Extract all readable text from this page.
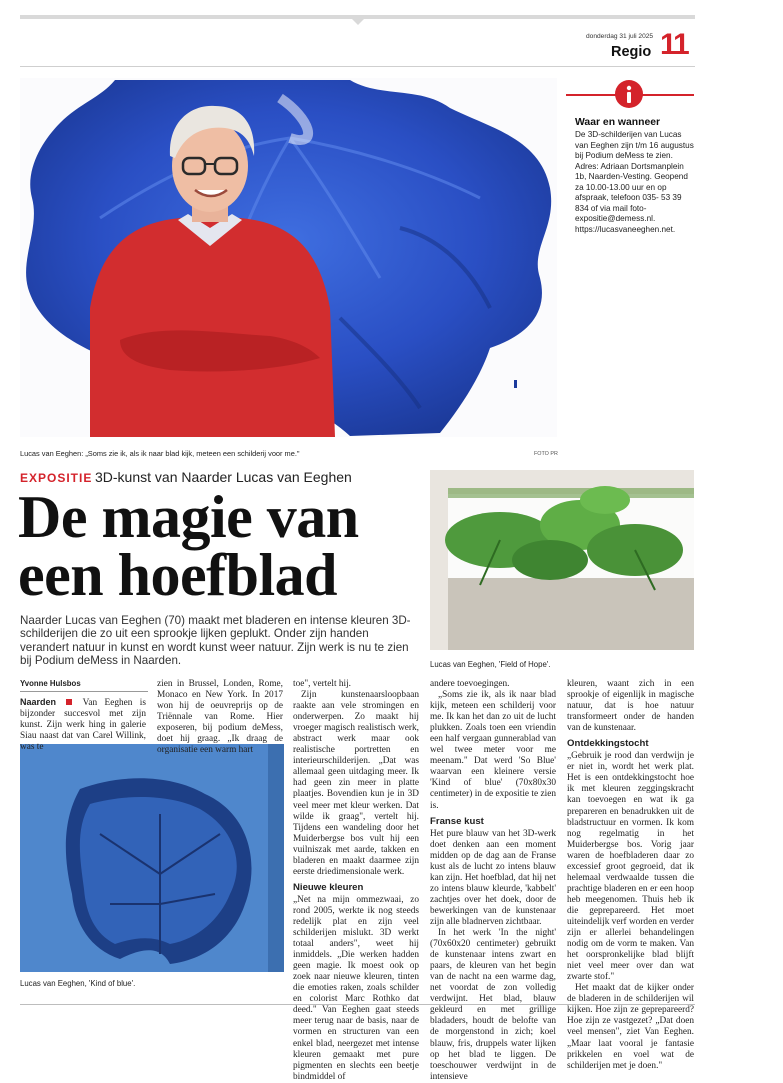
donderdag 31 juli 2025
Regio 11
Waar en wanneer
De 3D-schilderijen van Lucas van Eeghen zijn t/m 16 augustus bij Podium deMess te zien. Adres: Adriaan Dortsmanplein 1b, Naarden-Vesting. Geopend za 10.00-13.00 uur en op afspraak, telefoon 035- 53 39 834 of via mail foto-expositie@demess.nl. https://lucasvaneeghen.net.
Lucas van Eeghen: „Soms zie ik, als ik naar blad kijk, meteen een schilderij voor me."	FOTO PR
EXPOSITIE 3D-kunst van Naarder Lucas van Eeghen
De magie van
een hoefblad
Naarder Lucas van Eeghen (70) maakt met bladeren en intense kleuren 3D-schilderijen die zo uit een sprookje lijken geplukt. Onder zijn handen verandert natuur in kunst en wordt kunst weer natuur. Zijn werk is nu te zien bij Podium deMess in Naarden.	Lucas van Eeghen, 'Field of Hope'.
Lucas van Eeghen, 'Kind of blue'.
Yvonne Hulsbos
Naarden	Van Eeghen is bijzonder succesvol met zijn kunst. Zijn werk hing in galerie Siau naast dat van Carel Willink, was te
zien in Brussel, Londen, Rome, Monaco en New York. In 2017 won hij de oeuvreprijs op de Triënnale van Rome. Hier exposeren, bij podium deMess, doet hij graag. „Ik draag de organisatie een warm hart

toe", vertelt hij.

Zijn kunstenaarsloopbaan raakte aan vele stromingen en onderwerpen. Zo maakt hij vroeger magisch realistisch werk, abstract werk maar ook realistische portretten en interieurschilderijen. „Dat was allemaal geen uitdaging meer. Ik had geen zin meer in platte plaatjes. Bovendien kun je in 3D veel meer met kleur werken. Dat wilde ik graag", vertelt hij. Tijdens een wandeling door het Muiderbergse bos vult hij een vuilniszak met aarde, takken en bladeren en maakt daarmee zijn eerste driedimensionale werk.

Nieuwe kleuren

„Net na mijn ommezwaai, zo rond 2005, werkte ik nog steeds redelijk plat en zijn veel schilderijen mislukt. 3D werkt totaal anders", weet hij inmiddels. „Die werken hadden geen magie. Ik moest ook op zoek naar nieuwe kleuren, tinten die emoties raken, zoals schilder en colorist Marc Rothko dat deed." Van Eeghen gaat steeds meer terug naar de basis, naar de vormen en structuren van een enkel blad, neergezet met intense kleuren gemaakt met pure pigmenten en slechts een beetje bindmiddel of

andere toevoegingen.

„Soms zie ik, als ik naar blad kijk, meteen een schilderij voor me. Ik kan het dan zo uit de lucht plukken. Zoals toen een vriendin een half vergaan gunnerablad van wel twee meter voor me meenam." Dat werd 'So Blue' waarvan een kleinere versie 'Kind of blue' (70x80x30 centimeter) in de expositie te zien is.

Franse kust

Het pure blauw van het 3D-werk doet denken aan een moment midden op de dag aan de Franse kust als de lucht zo intens blauw kan zijn. Het hoefblad, dat hij net zo intens blauw kleurde, 'kabbelt' zachtjes over het doek, door de bewerkingen van de kunstenaar zijn alle bladnerven zichtbaar.

In het werk 'In the night' (70x60x20 centimeter) gebruikt de kunstenaar intens zwart en paars, de kleuren van het begin van de nacht na een warme dag, net voordat de zon volledig verdwijnt. Het blad, blauw gekleurd en met grillige bladaders, houdt de belofte van de morgenstond in zich; koel blauw, fris, druppels water lijken op het blad te liggen. De toeschouwer verdwijnt in de intensieve

kleuren, waant zich in een sprookje of eigenlijk in magische natuur, dat is hoe natuur transformeert onder de handen van de kunstenaar.

Ontdekkingstocht

„Gebruik je rood dan verdwijn je er niet in, wordt het werk plat. Het is een ontdekkingstocht hoe ik met kleuren zeggingskracht kan toevoegen en wat ik ga prepareren en benadrukken uit de bladstructuur en vormen. Ik kom nog regelmatig in het Muiderbergse bos. Vorig jaar waren de hoefbladeren daar zo excessief groot gegroeid, dat ik helemaal verdwaalde tussen die prachtige bladeren en er een hoop heb meegenomen. Thuis heb ik die geprepareerd. Het moet uiteindelijk verf worden en verder zijn er allerlei behandelingen nodig om de vorm te maken. Van het oorspronkelijke blad blijft niet veel meer over dan wat zwarte stof."

Het maakt dat de kijker onder de bladeren in de schilderijen wil kijken. Hoe zijn ze geprepareerd? Hoe zijn ze vastgezet? „Dat doen veel mensen", ziet Van Eeghen. „Maar laat vooral je fantasie prikkelen en voel wat de schilderijen met je doen."
